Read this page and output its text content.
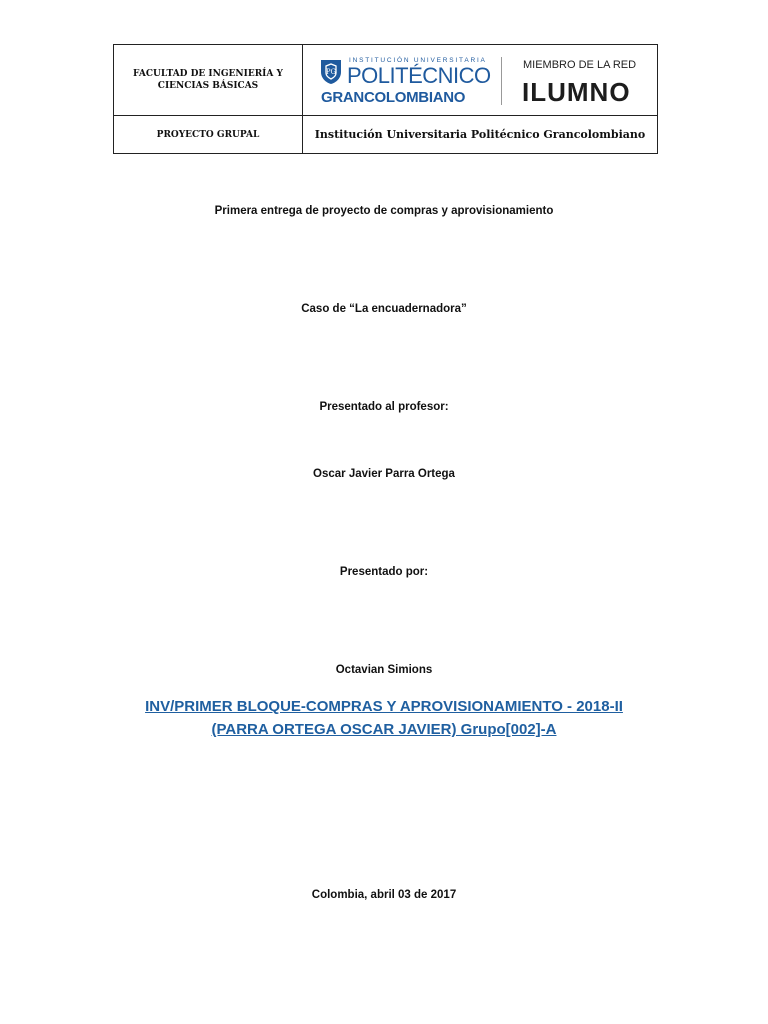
FACULTAD DE INGENIERÍA Y
CIENCIAS BÁSICAS
PG
INSTITUCIÓN UNIVERSITARIA
POLITÉCNICO
GRANCOLOMBIANO
MIEMBRO DE LA RED
ILUMNO
PROYECTO GRUPAL	Institución Universitaria Politécnico Grancolombiano
Primera entrega de proyecto de compras y aprovisionamiento
Caso de “La encuadernadora”
Presentado al profesor:
Oscar Javier Parra Ortega
Presentado por:
Octavian Simions
INV/PRIMER BLOQUE-COMPRAS Y APROVISIONAMIENTO - 2018-II
(PARRA ORTEGA OSCAR JAVIER) Grupo[002]-A
Colombia, abril 03 de 2017
